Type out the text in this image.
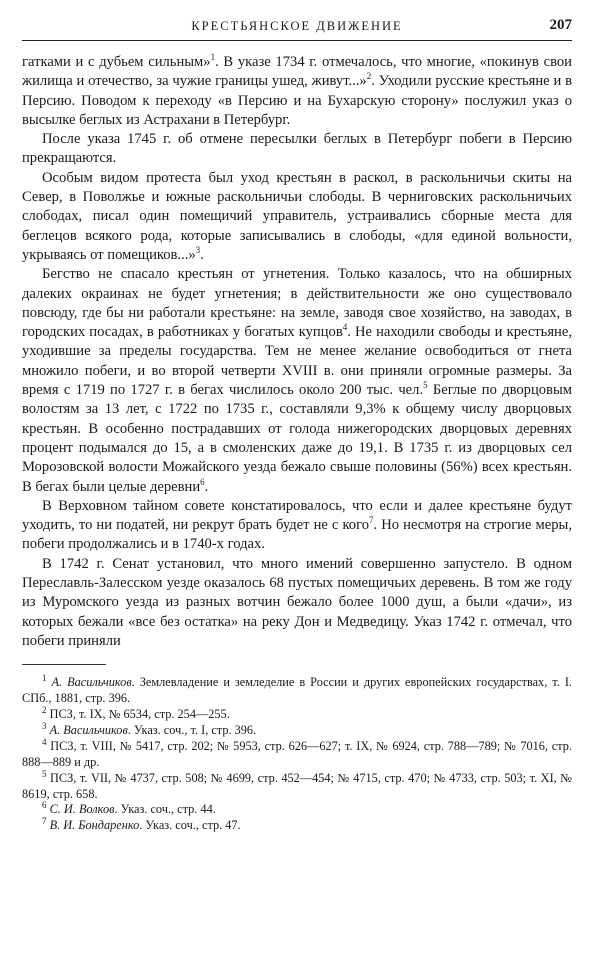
КРЕСТЬЯНСКОЕ ДВИЖЕНИЕ	207

гатками и с дубьем сильным»$^1$. В указе 1734 г. отмечалось, что многие, «покинув свои жилища и отечество, за чужие границы ушед, живут...»$^2$. Уходили русские крестьяне и в Персию. Поводом к переходу «в Персию и на Бухарскую сторону» послужил указ о высылке беглых из Астрахани в Петербург.

После указа 1745 г. об отмене пересылки беглых в Петербург побеги в Персию прекращаются.

Особым видом протеста был уход крестьян в раскол, в раскольничьи скиты на Север, в Поволжье и южные раскольничьи слободы. В черниговских раскольничьих слободах, писал один помещичий управитель, устраивались сборные места для беглецов всякого рода, которые записывались в слободы, «для единой вольности, укрываясь от помещиков...»$^3$.

Бегство не спасало крестьян от угнетения. Только казалось, что на обширных далеких окраинах не будет угнетения; в действительности же оно существовало повсюду, где бы ни работали крестьяне: на земле, заводя свое хозяйство, на заводах, в городских посадах, в работниках у богатых купцов$^4$. Не находили свободы и крестьяне, уходившие за пределы государства. Тем не менее желание освободиться от гнета множило побеги, и во второй четверти XVIII в. они приняли огромные размеры. За время с 1719 по 1727 г. в бегах числилось около 200 тыс. чел.$^5$ Беглые по дворцовым волостям за 13 лет, с 1722 по 1735 г., составляли 9,3% к общему числу дворцовых крестьян. В особенно пострадавших от голода нижегородских дворцовых деревнях процент подымался до 15, а в смоленских даже до 19,1. В 1735 г. из дворцовых сел Морозовской волости Можайского уезда бежало свыше половины (56%) всех крестьян. В бегах были целые деревни$^6$.

В Верховном тайном совете констатировалось, что если и далее крестьяне будут уходить, то ни податей, ни рекрут брать будет не с кого$^7$. Но несмотря на строгие меры, побеги продолжались и в 1740-х годах.

В 1742 г. Сенат установил, что много имений совершенно запустело. В одном Переславль-Залесском уезде оказалось 68 пустых помещичьих деревень. В том же году из Муромского уезда из разных вотчин бежало более 1000 душ, а были «дачи», из которых бежали «все без остатка» на реку Дон и Медведицу. Указ 1742 г. отмечал, что побеги приняли

$^1$ А. Васильчиков. Землевладение и земледелие в России и других европейских государствах, т. I. СПб., 1881, стр. 396.

$^2$ ПСЗ, т. IX, № 6534, стр. 254—255.

$^3$ А. Васильчиков. Указ. соч., т. I, стр. 396.

$^4$ ПСЗ, т. VIII, № 5417, стр. 202; № 5953, стр. 626—627; т. IX, № 6924, стр. 788—789; № 7016, стр. 888—889 и др.

$^5$ ПСЗ, т. VII, № 4737, стр. 508; № 4699, стр. 452—454; № 4715, стр. 470; № 4733, стр. 503; т. XI, № 8619, стр. 658.

$^6$ С. И. Волков. Указ. соч., стр. 44.

$^7$ В. И. Бондаренко. Указ. соч., стр. 47.
